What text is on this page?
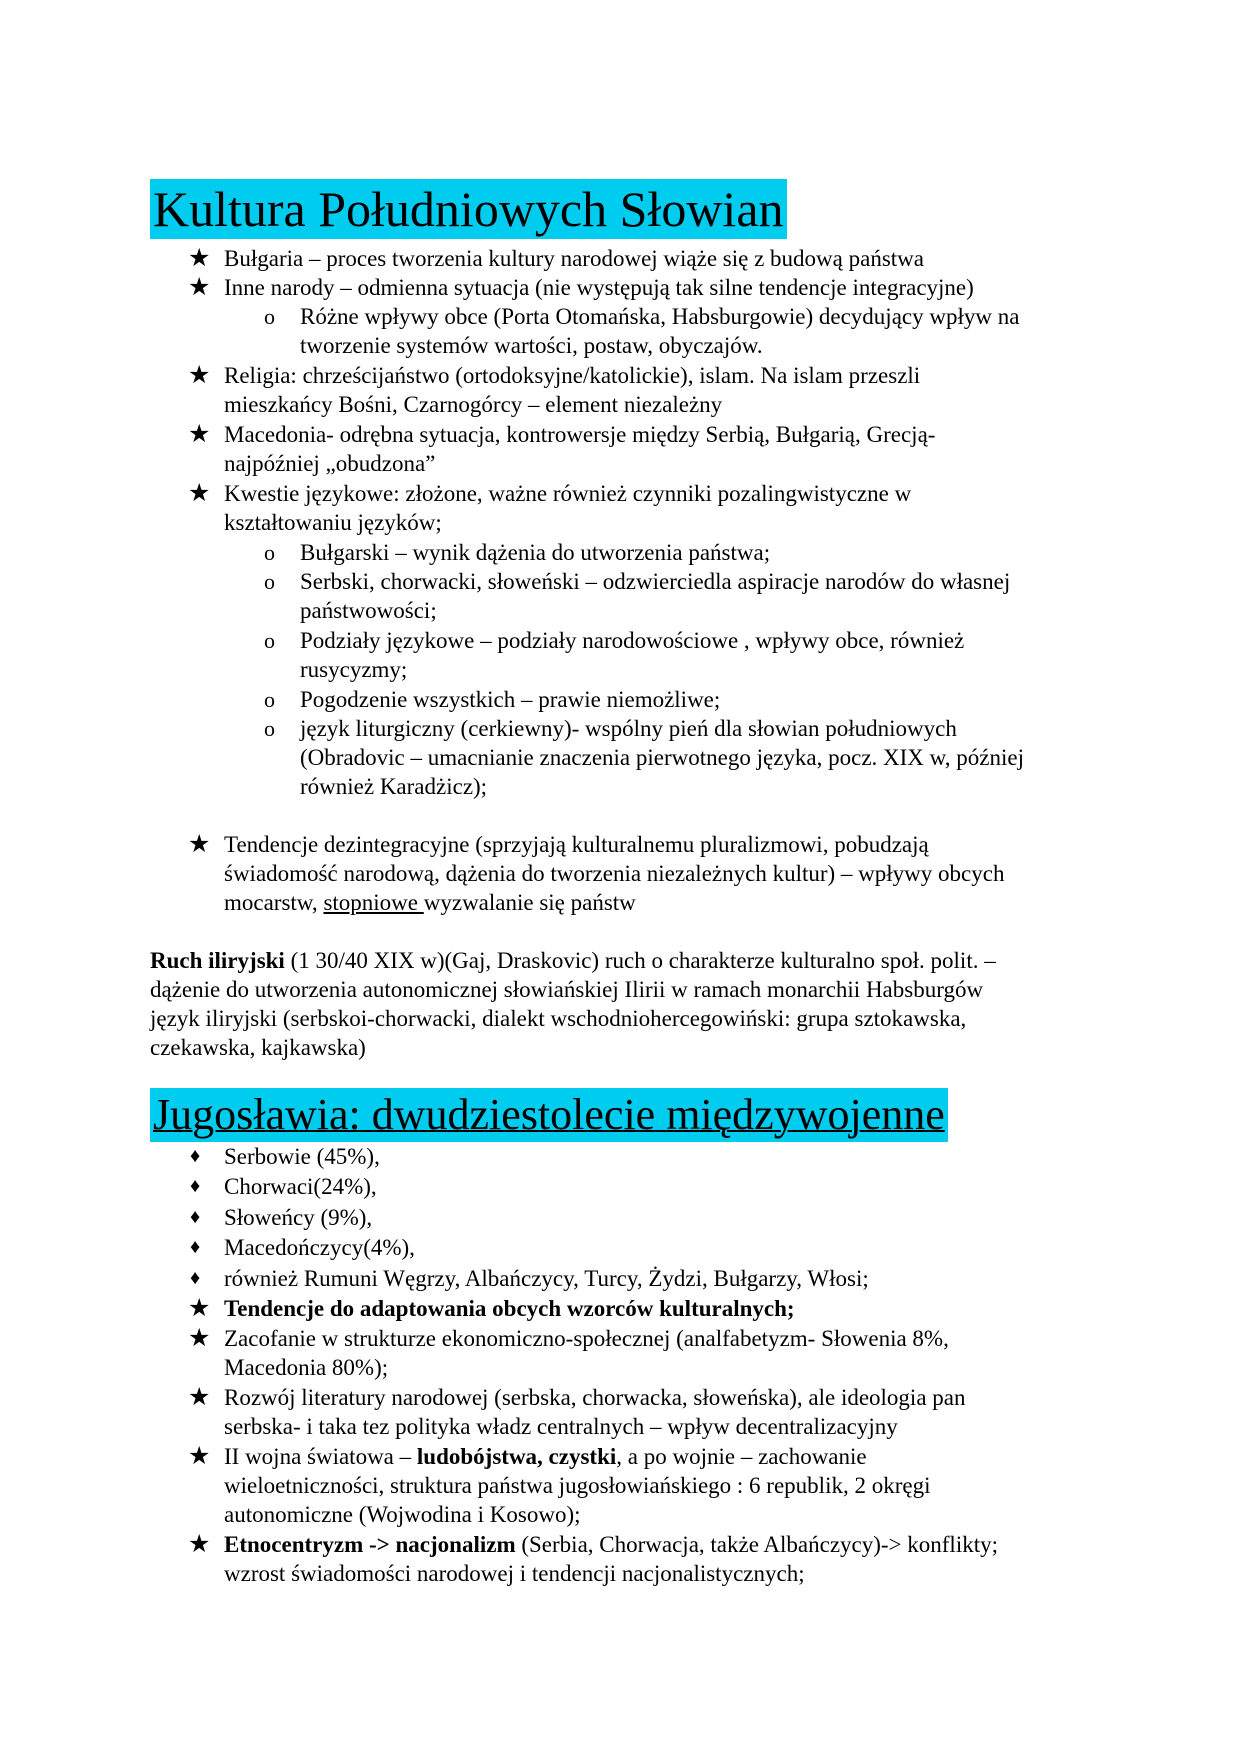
Kultura Południowych Słowian
★ Bułgaria – proces tworzenia kultury narodowej wiąże się z budową państwa
★ Inne narody – odmienna sytuacja (nie występują tak silne tendencje integracyjne)
o Różne wpływy obce (Porta Otomańska, Habsburgowie) decydujący wpływ na
tworzenie systemów wartości, postaw, obyczajów.
★ Religia: chrześcijaństwo (ortodoksyjne/katolickie), islam. Na islam przeszli
mieszkańcy Bośni, Czarnogórcy – element niezależny
★ Macedonia- odrębna sytuacja, kontrowersje między Serbią, Bułgarią, Grecją-
najpóźniej „obudzona”
★ Kwestie językowe: złożone, ważne również czynniki pozalingwistyczne w
kształtowaniu języków;
o Bułgarski – wynik dążenia do utworzenia państwa;
o Serbski, chorwacki, słoweński – odzwierciedla aspiracje narodów do własnej
państwowości;
o Podziały językowe – podziały narodowościowe , wpływy obce, również
rusycyzmy;
o Pogodzenie wszystkich – prawie niemożliwe;
o język liturgiczny (cerkiewny)- wspólny pień dla słowian południowych
(Obradovic – umacnianie znaczenia pierwotnego języka, pocz. XIX w, później
również Karadżicz);
★ Tendencje dezintegracyjne (sprzyjają kulturalnemu pluralizmowi, pobudzają
świadomość narodową, dążenia do tworzenia niezależnych kultur) – wpływy obcych
mocarstw, stopniowe wyzwalanie się państw
Ruch iliryjski (1 30/40 XIX w)(Gaj, Draskovic) ruch o charakterze kulturalno społ. polit. –
dążenie do utworzenia autonomicznej słowiańskiej Ilirii w ramach monarchii Habsburgów
język iliryjski (serbskoi-chorwacki, dialekt wschodniohercegowiński: grupa sztokawska,
czekawska, kajkawska)
Jugosławia: dwudziestolecie międzywojenne
♦ Serbowie (45%),
♦ Chorwaci(24%),
♦ Słoweńcy (9%),
♦ Macedończycy(4%),
♦ również Rumuni Węgrzy, Albańczycy, Turcy, Żydzi, Bułgarzy, Włosi;
★ Tendencje do adaptowania obcych wzorców kulturalnych;
★ Zacofanie w strukturze ekonomiczno-społecznej (analfabetyzm- Słowenia 8%,
Macedonia 80%);
★ Rozwój literatury narodowej (serbska, chorwacka, słoweńska), ale ideologia pan
serbska- i taka tez polityka władz centralnych – wpływ decentralizacyjny
★ II wojna światowa – ludobójstwa, czystki, a po wojnie – zachowanie
wieloetniczności, struktura państwa jugosłowiańskiego : 6 republik, 2 okręgi
autonomiczne (Wojwodina i Kosowo);
★ Etnocentryzm -> nacjonalizm (Serbia, Chorwacja, także Albańczycy)-> konflikty;
wzrost świadomości narodowej i tendencji nacjonalistycznych;
